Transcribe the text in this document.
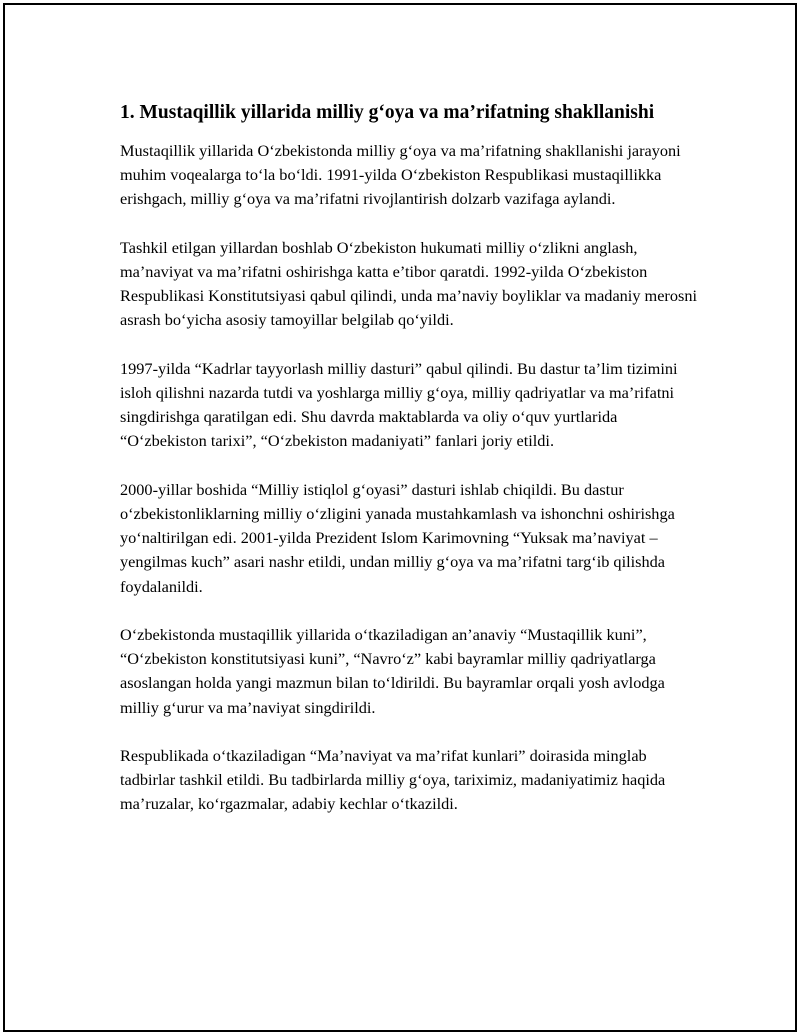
1. Mustaqillik yillarida milliy g‘oya va ma’rifatning shakllanishi

Mustaqillik yillarida O‘zbekistonda milliy g‘oya va ma’rifatning shakllanishi jarayoni muhim voqealarga to‘la bo‘ldi. 1991-yilda O‘zbekiston Respublikasi mustaqillikka erishgach, milliy g‘oya va ma’rifatni rivojlantirish dolzarb vazifaga aylandi.

Tashkil etilgan yillardan boshlab O‘zbekiston hukumati milliy o‘zlikni anglash, ma’naviyat va ma’rifatni oshirishga katta e’tibor qaratdi. 1992-yilda O‘zbekiston Respublikasi Konstitutsiyasi qabul qilindi, unda ma’naviy boyliklar va madaniy merosni asrash bo‘yicha asosiy tamoyillar belgilab qo‘yildi.

1997-yilda “Kadrlar tayyorlash milliy dasturi” qabul qilindi. Bu dastur ta’lim tizimini isloh qilishni nazarda tutdi va yoshlarga milliy g‘oya, milliy qadriyatlar va ma’rifatni singdirishga qaratilgan edi. Shu davrda maktablarda va oliy o‘quv yurtlarida “O‘zbekiston tarixi”, “O‘zbekiston madaniyati” fanlari joriy etildi.

2000-yillar boshida “Milliy istiqlol g‘oyasi” dasturi ishlab chiqildi. Bu dastur o‘zbekistonliklarning milliy o‘zligini yanada mustahkamlash va ishonchni oshirishga yo‘naltirilgan edi. 2001-yilda Prezident Islom Karimovning “Yuksak ma’naviyat – yengilmas kuch” asari nashr etildi, undan milliy g‘oya va ma’rifatni targ‘ib qilishda foydalanildi.

O‘zbekistonda mustaqillik yillarida o‘tkaziladigan an’anaviy “Mustaqillik kuni”, “O‘zbekiston konstitutsiyasi kuni”, “Navro‘z” kabi bayramlar milliy qadriyatlarga asoslangan holda yangi mazmun bilan to‘ldirildi. Bu bayramlar orqali yosh avlodga milliy g‘urur va ma’naviyat singdirildi.

Respublikada o‘tkaziladigan “Ma’naviyat va ma’rifat kunlari” doirasida minglab tadbirlar tashkil etildi. Bu tadbirlarda milliy g‘oya, tariximiz, madaniyatimiz haqida ma’ruzalar, ko‘rgazmalar, adabiy kechlar o‘tkazildi.
